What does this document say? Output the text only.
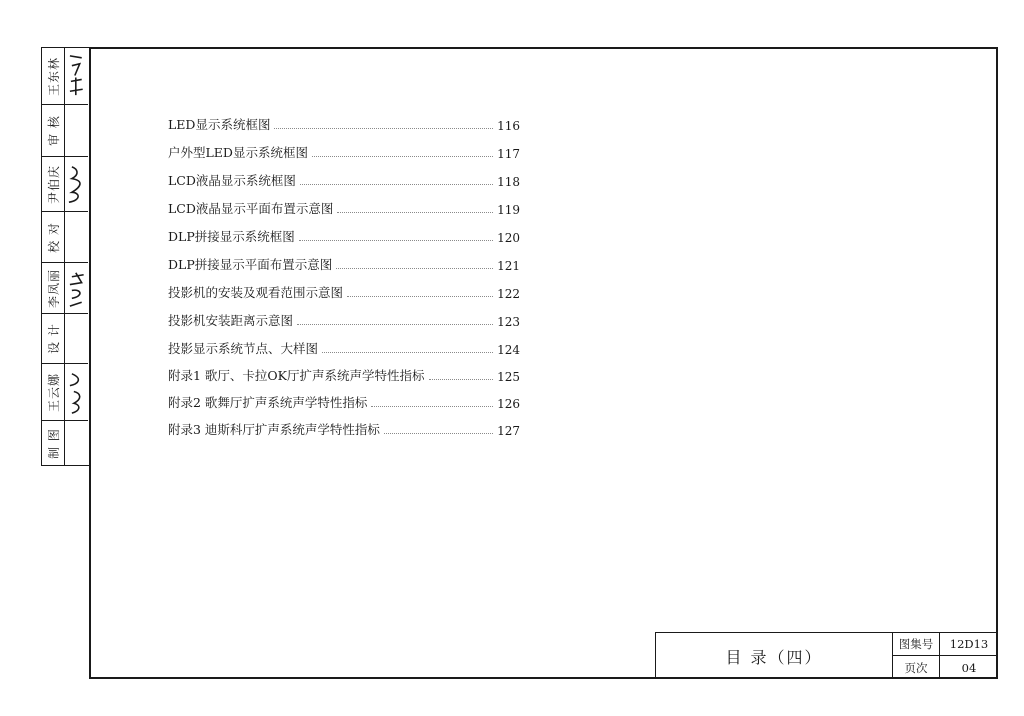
王东林
审 核
尹伯庆
校 对
李凤丽
设 计
王云娜
制 图
LED显示系统框图	116
户外型LED显示系统框图	117
LCD液晶显示系统框图	118
LCD液晶显示平面布置示意图	119
DLP拼接显示系统框图	120
DLP拼接显示平面布置示意图	121
投影机的安装及观看范围示意图	122
投影机安装距离示意图	123
投影显示系统节点、大样图	124
附录1 歌厅、卡拉OK厅扩声系统声学特性指标	125
附录2 歌舞厅扩声系统声学特性指标	126
附录3 迪斯科厅扩声系统声学特性指标	127
目 录（四）
图集号	12D13
页次	04
